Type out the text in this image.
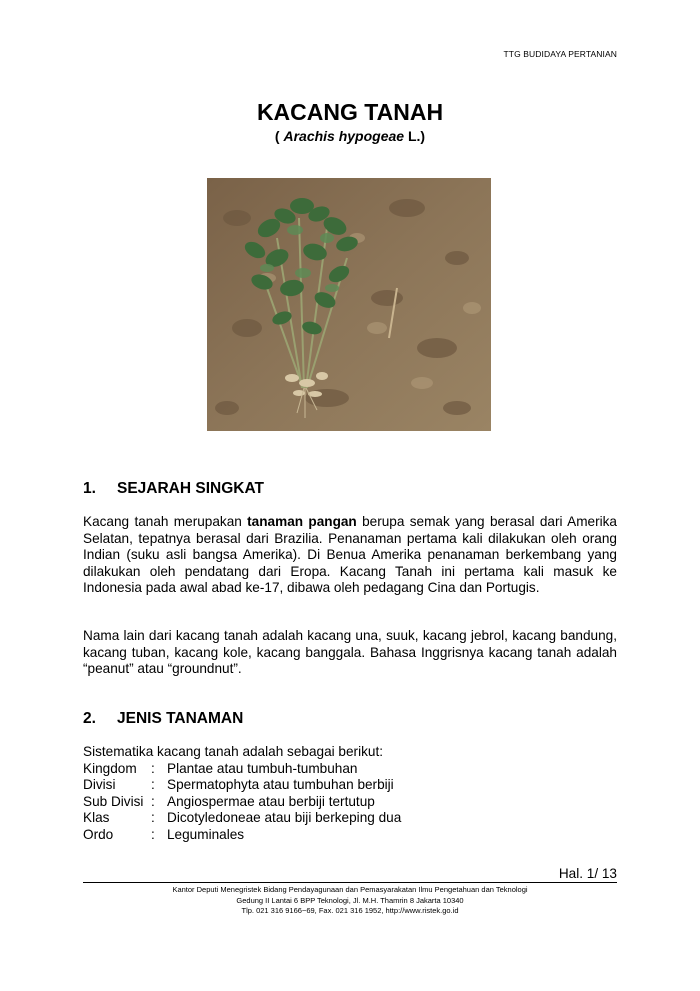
TTG BUDIDAYA PERTANIAN
KACANG TANAH
( Arachis hypogeae L.)
1. SEJARAH SINGKAT

Kacang tanah merupakan tanaman pangan berupa semak yang berasal dari Amerika Selatan, tepatnya berasal dari Brazilia. Penanaman pertama kali dilakukan oleh orang Indian (suku asli bangsa Amerika). Di Benua Amerika penanaman berkembang yang dilakukan oleh pendatang dari Eropa. Kacang Tanah ini pertama kali masuk ke Indonesia pada awal abad ke-17, dibawa oleh pedagang Cina dan Portugis.

Nama lain dari kacang tanah adalah kacang una, suuk, kacang jebrol, kacang bandung, kacang tuban, kacang kole, kacang banggala. Bahasa Inggrisnya kacang tanah adalah “peanut” atau “groundnut”.

2. JENIS TANAMAN
Sistematika kacang tanah adalah sebagai berikut:
Kingdom	: Plantae atau tumbuh-tumbuhan
Divisi	: Spermatophyta atau tumbuhan berbiji
Sub Divisi : Angiospermae atau berbiji tertutup
Klas	: Dicotyledoneae atau biji berkeping dua
Ordo	: Leguminales
Hal. 1/ 13
Kantor Deputi Menegristek Bidang Pendayagunaan dan Pemasyarakatan Ilmu Pengetahuan dan Teknologi
Gedung II Lantai 6 BPP Teknologi, Jl. M.H. Thamrin 8 Jakarta 10340
Tlp. 021 316 9166~69, Fax. 021 316 1952, http://www.ristek.go.id
